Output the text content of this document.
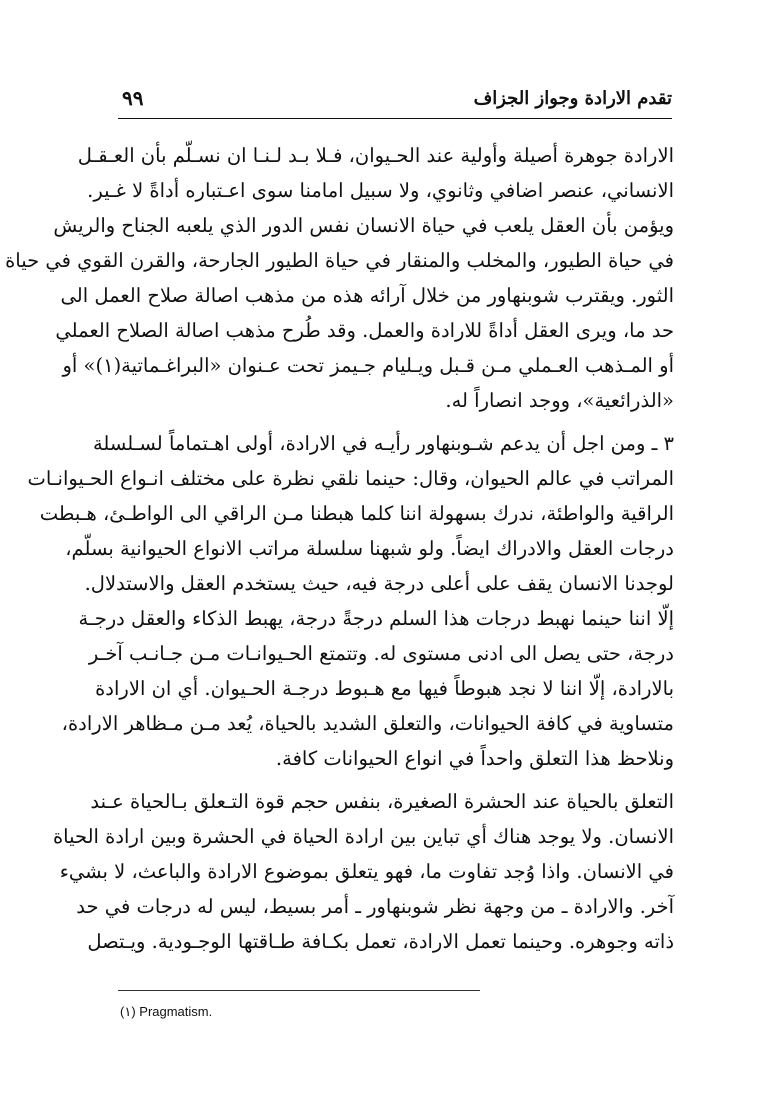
٩٩	تقدم الارادة وجواز الجزاف
الارادة جوهرة أصيلة وأولية عند الحـيوان، فـلا بـد لـنـا ان نسـلّم بأن العـقـل
الانساني، عنصر اضافي وثانوي، ولا سبيل امامنا سوى اعـتباره أداةً لا غـير.
ويؤمن بأن العقل يلعب في حياة الانسان نفس الدور الذي يلعبه الجناح والريش
في حياة الطيور، والمخلب والمنقار في حياة الطيور الجارحة، والقرن القوي في حياة
الثور. ويقترب شوبنهاور من خلال آرائه هذه من مذهب اصالة صلاح العمل الى
حد ما، ويرى العقل أداةً للارادة والعمل. وقد طُرح مذهب اصالة الصلاح العملي
أو المـذهب العـملي مـن قـبل ويـليام جـيمز تحت عـنوان «البراغـماتية(١)» أو
«الذرائعية»، ووجد انصاراً له.
٣ ـ ومن اجل أن يدعم شـوبنهاور رأيـه في الارادة، أولى اهـتماماً لسـلسلة
المراتب في عالم الحيوان، وقال: حينما نلقي نظرة على مختلف انـواع الحـيوانـات
الراقية والواطئة، ندرك بسهولة اننا كلما هبطنا مـن الراقي الى الواطـئ، هـبطت
درجات العقل والادراك ايضاً. ولو شبهنا سلسلة مراتب الانواع الحيوانية بسلّم،
لوجدنا الانسان يقف على أعلى درجة فيه، حيث يستخدم العقل والاستدلال.
إلّا اننا حينما نهبط درجات هذا السلم درجةً درجة، يهبط الذكاء والعقل درجـة
درجة، حتى يصل الى ادنى مستوى له. وتتمتع الحـيوانـات مـن جـانـب آخـر
بالارادة، إلّا اننا لا نجد هبوطاً فيها مع هـبوط درجـة الحـيوان. أي ان الارادة
متساوية في كافة الحيوانات، والتعلق الشديد بالحياة، يُعد مـن مـظاهر الارادة،
ونلاحظ هذا التعلق واحداً في انواع الحيوانات كافة.
التعلق بالحياة عند الحشرة الصغيرة، بنفس حجم قوة التـعلق بـالحياة عـند
الانسان. ولا يوجد هناك أي تباين بين ارادة الحياة في الحشرة وبين ارادة الحياة
في الانسان. واذا وُجد تفاوت ما، فهو يتعلق بموضوع الارادة والباعث، لا بشيء
آخر. والارادة ـ من وجهة نظر شوبنهاور ـ أمر بسيط، ليس له درجات في حد
ذاته وجوهره. وحينما تعمل الارادة، تعمل بكـافة طـاقتها الوجـودية. ويـتصل
(١) Pragmatism.
